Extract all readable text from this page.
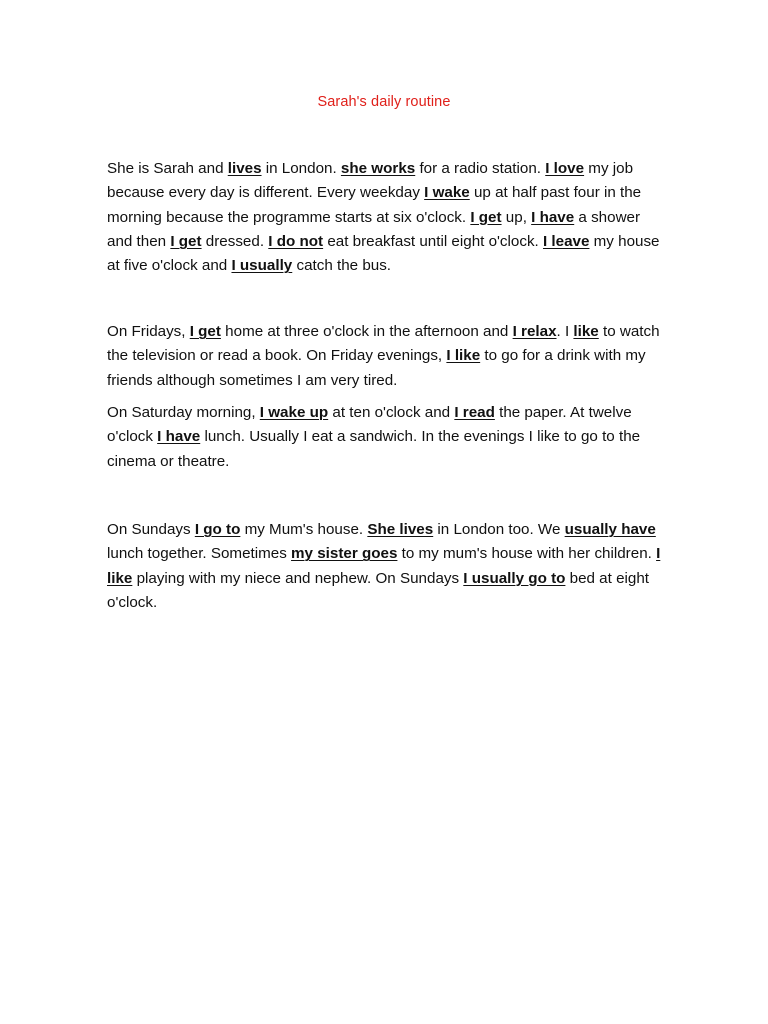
Sarah's daily routine

She is Sarah and lives in London. she works for a radio station. I love my job because every day is different. Every weekday I wake up at half past four in the morning because the programme starts at six o'clock. I get up, I have a shower and then I get dressed. I do not eat breakfast until eight o'clock. I leave my house at five o'clock and I usually catch the bus.

On Fridays, I get home at three o'clock in the afternoon and I relax. I like to watch the television or read a book. On Friday evenings, I like to go for a drink with my friends although sometimes I am very tired.

On Saturday morning, I wake up at ten o'clock and I read the paper. At twelve o'clock I have lunch. Usually I eat a sandwich. In the evenings I like to go to the cinema or theatre.

On Sundays I go to my Mum's house. She lives in London too. We usually have lunch together. Sometimes my sister goes to my mum's house with her children. I like playing with my niece and nephew. On Sundays I usually go to bed at eight o'clock.
